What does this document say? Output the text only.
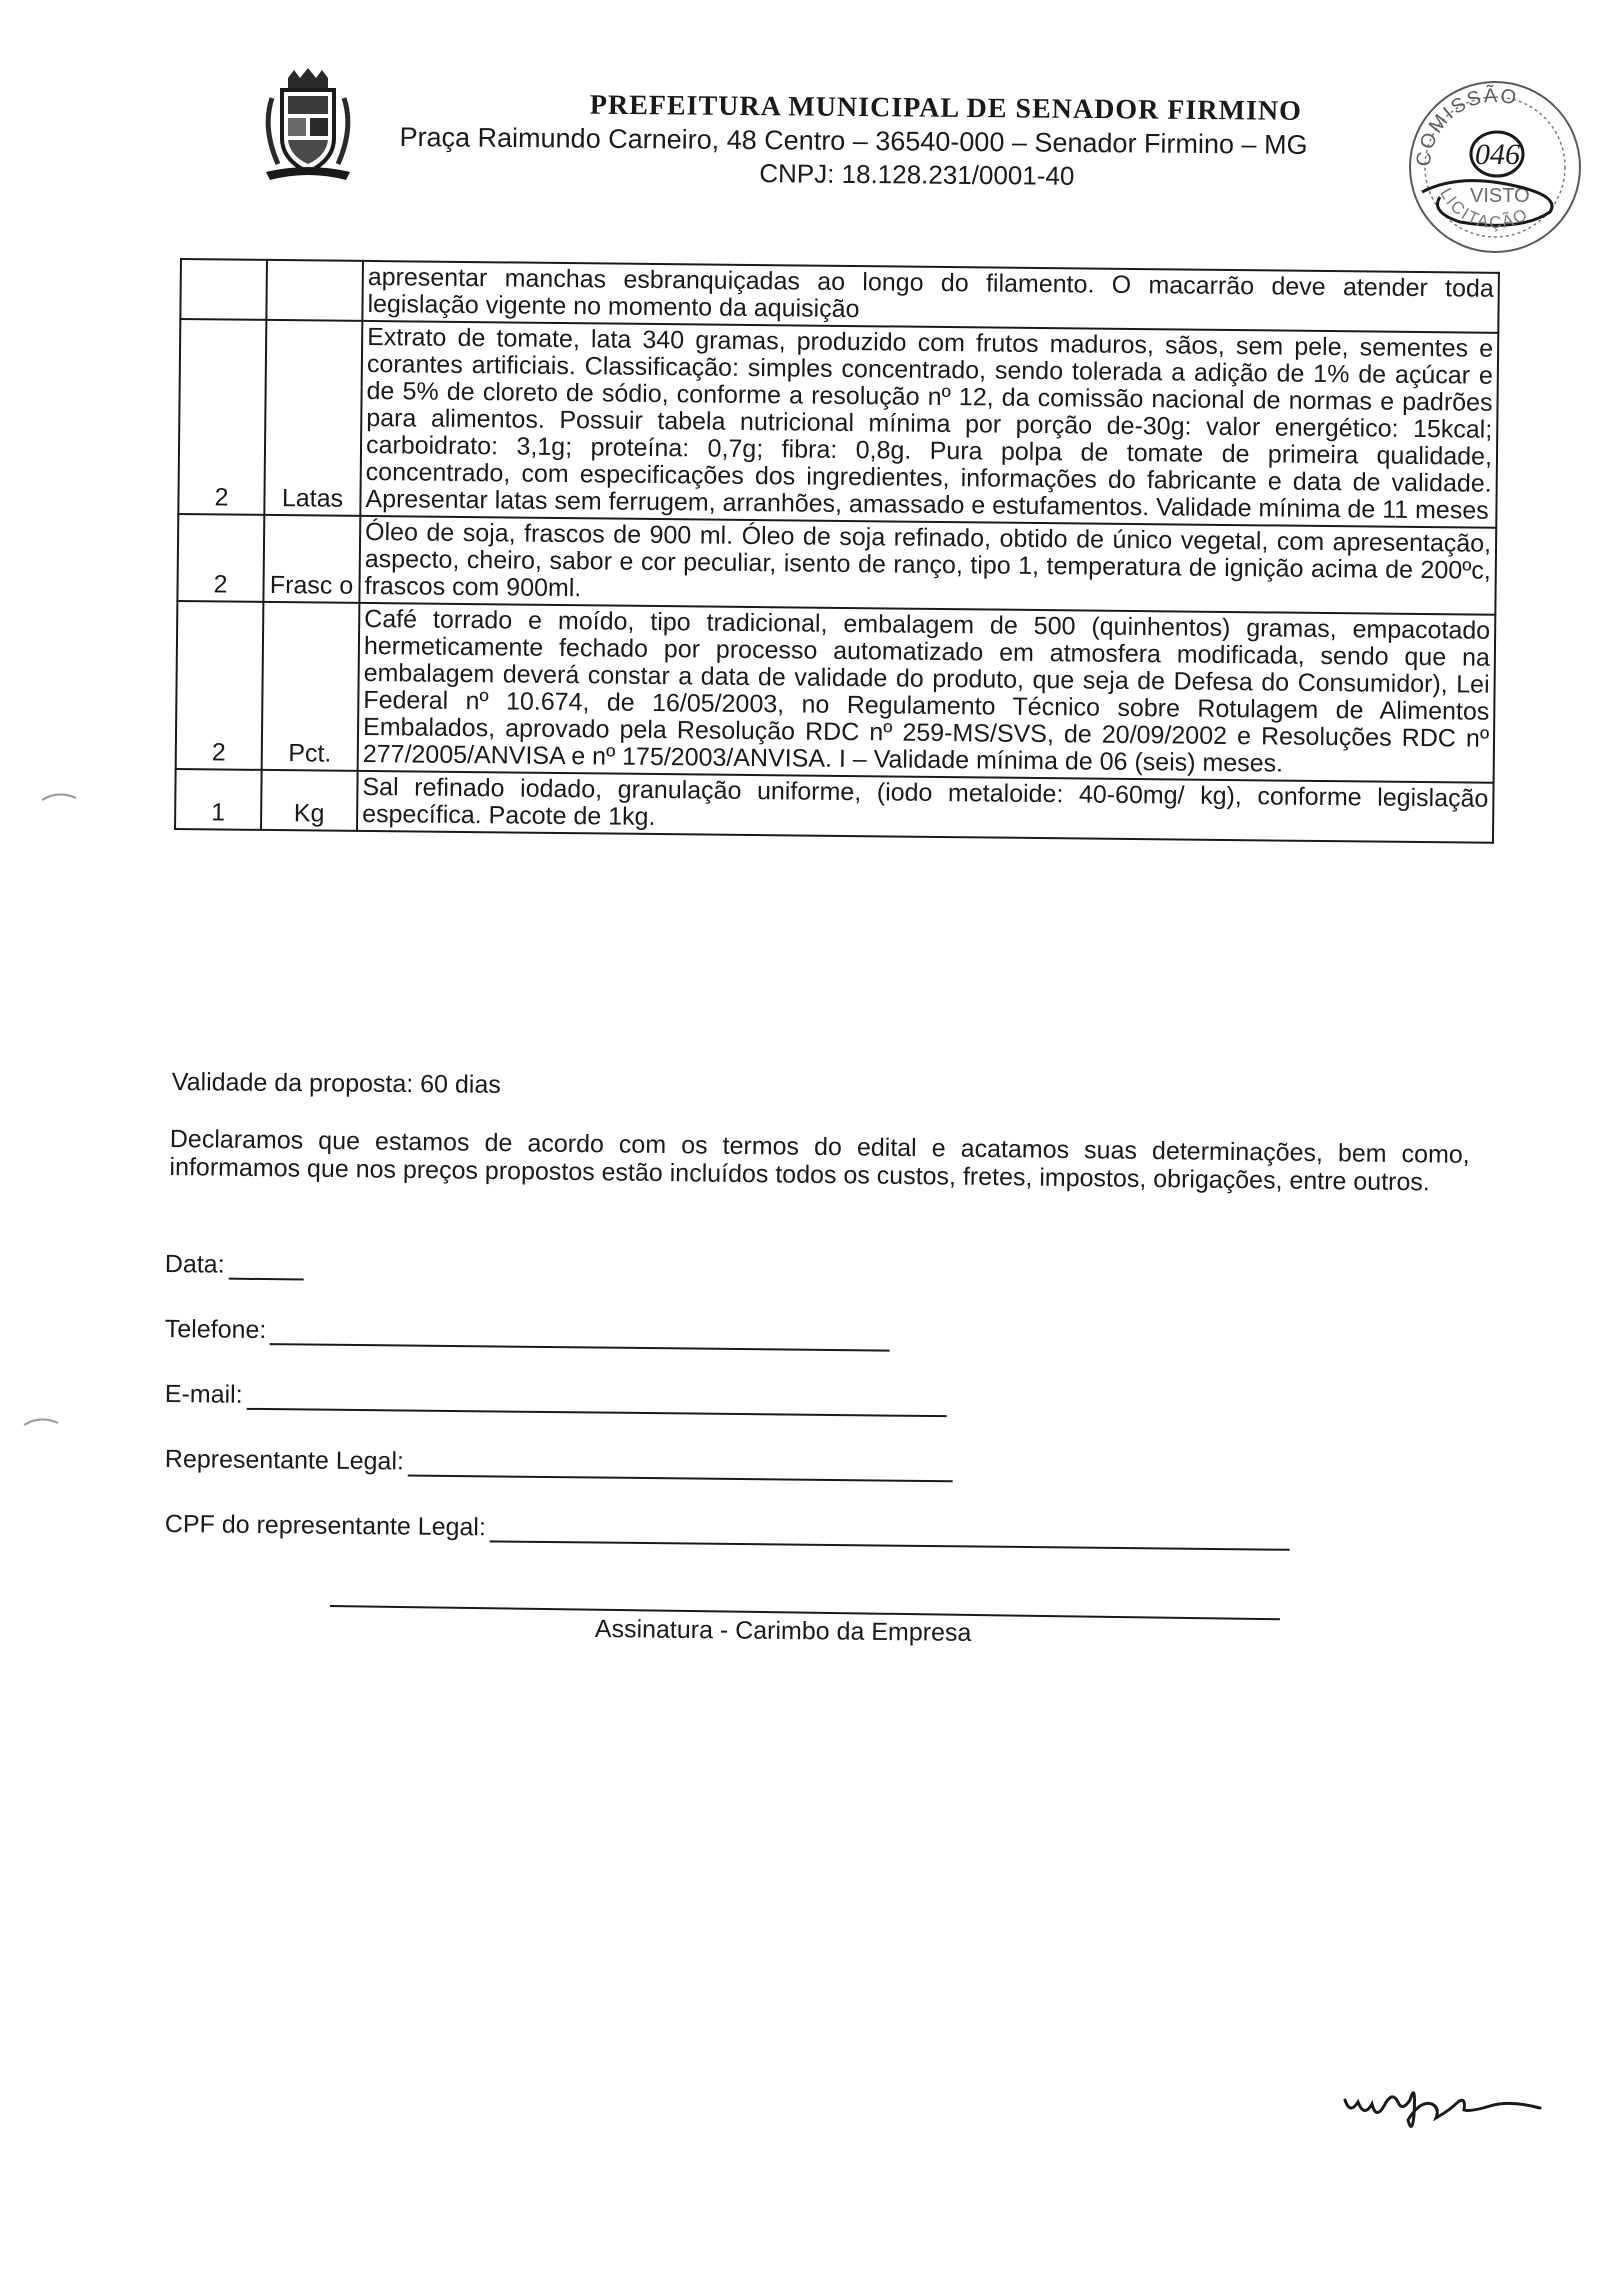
PREFEITURA MUNICIPAL DE SENADOR FIRMINO
Praça Raimundo Carneiro, 48 Centro – 36540-000 – Senador Firmino – MG
CNPJ: 18.128.231/0001-40
COMISSÃO
046
VISTO
LICITAÇÃO
		apresentar manchas esbranquiçadas ao longo do filamento. O macarrão deve atender toda legislação vigente no momento da aquisição
2	Latas	Extrato de tomate, lata 340 gramas, produzido com frutos maduros, sãos, sem pele, sementes e corantes artificiais. Classificação: simples concentrado, sendo tolerada a adição de 1% de açúcar e de 5% de cloreto de sódio, conforme a resolução nº 12, da comissão nacional de normas e padrões para alimentos. Possuir tabela nutricional mínima por porção de-30g: valor energético: 15kcal; carboidrato: 3,1g; proteína: 0,7g; fibra: 0,8g. Pura polpa de tomate de primeira qualidade, concentrado, com especificações dos ingredientes, informações do fabricante e data de validade. Apresentar latas sem ferrugem, arranhões, amassado e estufamentos. Validade mínima de 11 meses
2	Frasc o	Óleo de soja, frascos de 900 ml. Óleo de soja refinado, obtido de único vegetal, com apresentação, aspecto, cheiro, sabor e cor peculiar, isento de ranço, tipo 1, temperatura de ignição acima de 200ºc, frascos com 900ml.
2	Pct.	Café torrado e moído, tipo tradicional, embalagem de 500 (quinhentos) gramas, empacotado hermeticamente fechado por processo automatizado em atmosfera modificada, sendo que na embalagem deverá constar a data de validade do produto, que seja de Defesa do Consumidor), Lei Federal nº 10.674, de 16/05/2003, no Regulamento Técnico sobre Rotulagem de Alimentos Embalados, aprovado pela Resolução RDC nº 259-MS/SVS, de 20/09/2002 e Resoluções RDC nº 277/2005/ANVISA e nº 175/2003/ANVISA. I – Validade mínima de 06 (seis) meses.
1	Kg	Sal refinado iodado, granulação uniforme, (iodo metaloide: 40-60mg/ kg), conforme legislação específica. Pacote de 1kg.
Validade da proposta: 60 dias
Declaramos que estamos de acordo com os termos do edital e acatamos suas determinações, bem como, informamos que nos preços propostos estão incluídos todos os custos, fretes, impostos, obrigações, entre outros.
Data:
Telefone:
E-mail:
Representante Legal:
CPF do representante Legal:
Assinatura - Carimbo da Empresa
